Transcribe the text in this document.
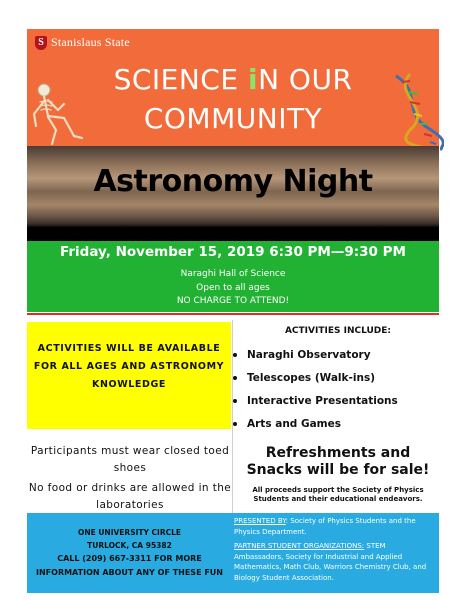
S Stanislaus State
SCIENCE iN OUR
COMMUNITY
Astronomy Night
Friday, November 15, 2019 6:30 PM—9:30 PM
Naraghi Hall of Science
Open to all ages
NO CHARGE TO ATTEND!
ACTIVITIES WILL BE AVAILABLE FOR ALL AGES AND ASTRONOMY KNOWLEDGE
ACTIVITIES INCLUDE:
Naraghi Observatory
Telescopes (Walk-ins)
Interactive Presentations
Arts and Games
Participants must wear closed toed shoes
No food or drinks are allowed in the laboratories
Refreshments and Snacks will be for sale!
All proceeds support the Society of Physics Students and their educational endeavors.
ONE UNIVERSITY CIRCLE
TURLOCK, CA 95382
CALL (209) 667-3311 FOR MORE
INFORMATION ABOUT ANY OF THESE FUN

PRESENTED BY: Society of Physics Students and the Physics Department.

PARTNER STUDENT ORGANIZATIONS: STEM Ambassadors, Society for Industrial and Applied Mathematics, Math Club, Warriors Chemistry Club, and Biology Student Association.
